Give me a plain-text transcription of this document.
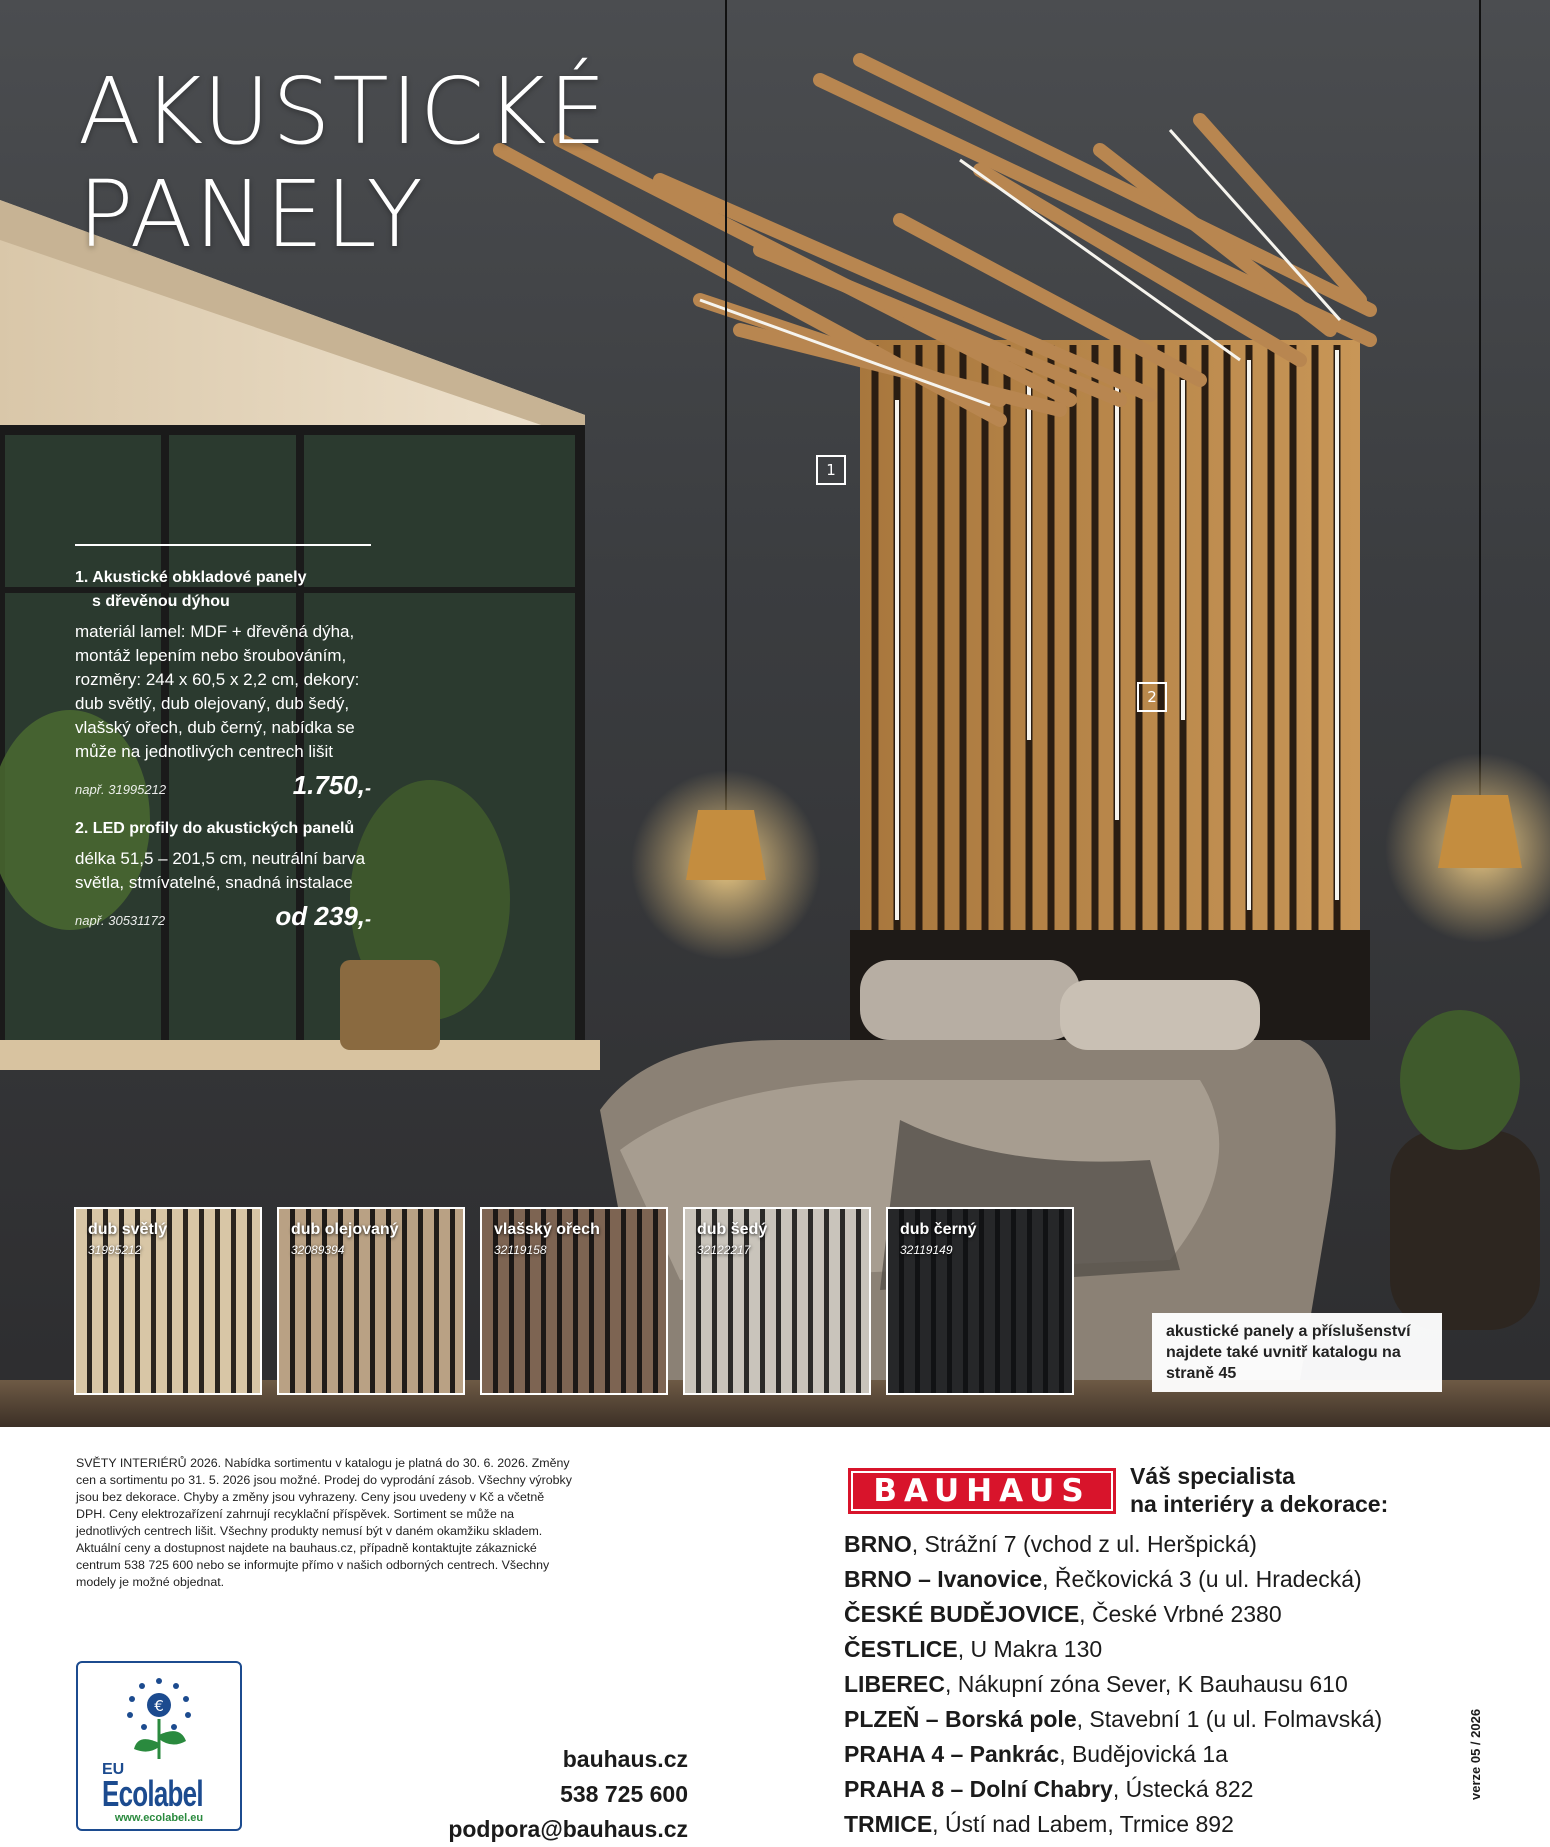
AKUSTICKÉ
PANELY
1
2
1. Akustické obkladové panely
s dřevěnou dýhou

materiál lamel: MDF + dřevěná dýha, montáž lepením nebo šroubováním, rozměry: 244 x 60,5 x 2,2 cm, dekory: dub světlý, dub olejovaný, dub šedý, vlašský ořech, dub černý, nabídka se může na jednotlivých centrech lišit

např. 31995212	1.750,-
2. LED profily do akustických panelů

délka 51,5 – 201,5 cm, neutrální barva světla, stmívatelné, snadná instalace

např. 30531172	od 239,-
dub světlý
31995212
dub olejovaný
32089394
vlašský ořech
32119158
dub šedý
32122217
dub černý
32119149
akustické panely a příslušenství najdete také uvnitř katalogu na straně 45

SVĚTY INTERIÉRŮ 2026. Nabídka sortimentu v katalogu je platná do 30. 6. 2026. Změny cen a sortimentu po 31. 5. 2026 jsou možné. Prodej do vyprodání zásob. Všechny výrobky jsou bez dekorace. Chyby a změny jsou vyhrazeny. Ceny jsou uvedeny v Kč a včetně DPH. Ceny elektrozařízení zahrnují recyklační příspěvek. Sortiment se může na jednotlivých centrech lišit. Všechny produkty nemusí být v daném okamžiku skladem. Aktuální ceny a dostupnost najdete na bauhaus.cz, případně kontaktujte zákaznické centrum 538 725 600 nebo se informujte přímo v našich odborných centrech. Všechny modely je možné objednat.

BAUHAUS	Váš specialista
na interiéry a dekorace:
BRNO, Strážní 7 (vchod z ul. Heršpická)
BRNO – Ivanovice, Řečkovická 3 (u ul. Hradecká)
ČESKÉ BUDĚJOVICE, České Vrbné 2380
ČESTLICE, U Makra 130
LIBEREC, Nákupní zóna Sever, K Bauhausu 610
PLZEŇ – Borská pole, Stavební 1 (u ul. Folmavská)
PRAHA 4 – Pankrác, Budějovická 1a
PRAHA 8 – Dolní Chabry, Ústecká 822
TRMICE, Ústí nad Labem, Trmice 892
€
EU
Ecolabel
www.ecolabel.eu
bauhaus.cz
538 725 600
podpora@bauhaus.cz
verze 05 / 2026
